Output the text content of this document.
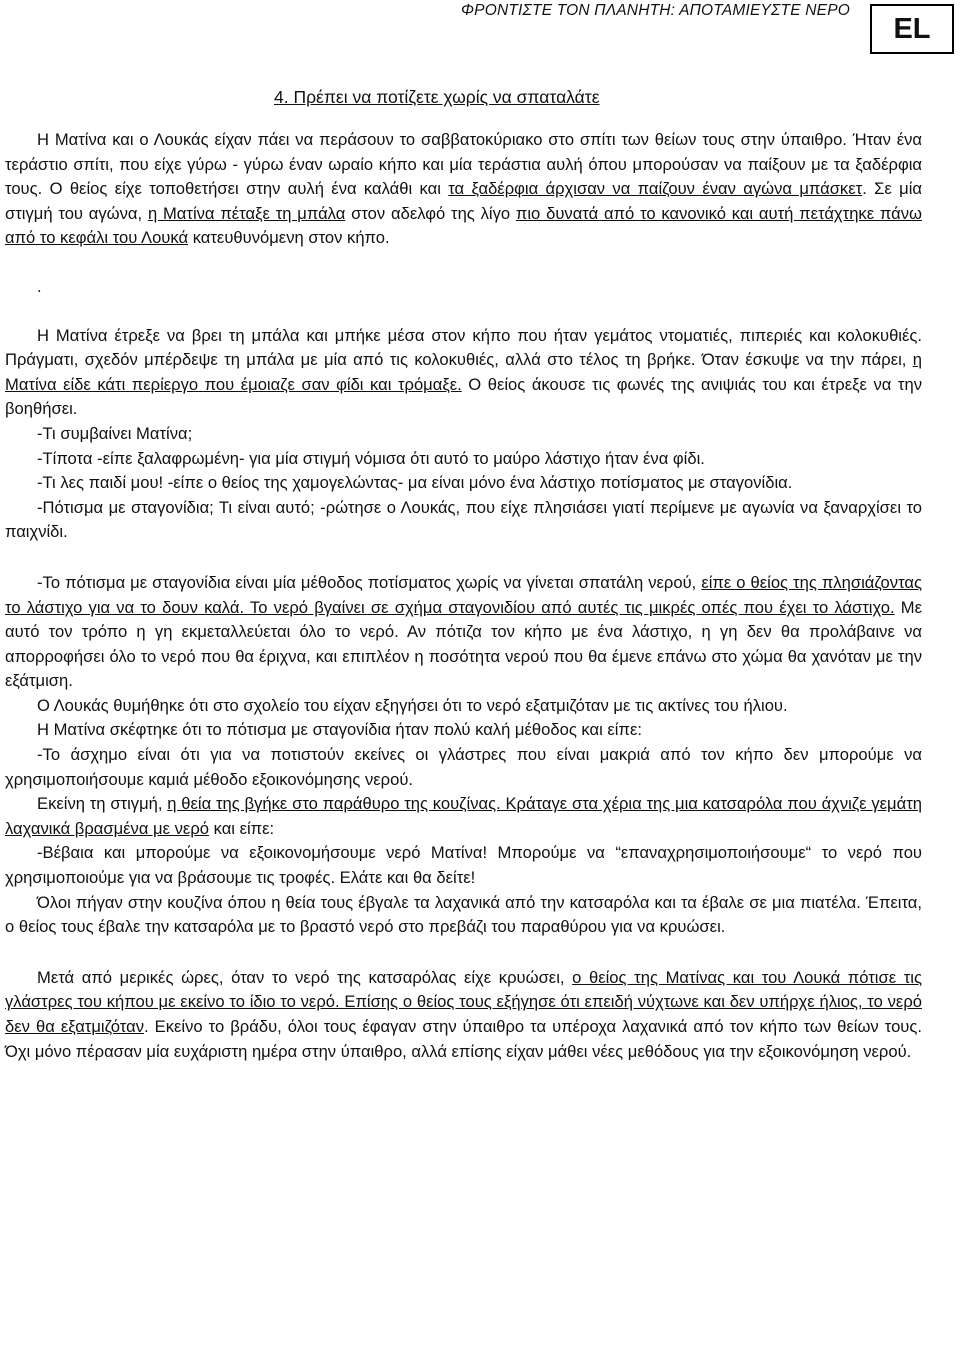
ΦΡΟΝΤΙΣΤΕ ΤΟΝ ΠΛΑΝΗΤΗ: ΑΠΟΤΑΜΙΕΥΣΤΕ ΝΕΡΟ
EL
4. Πρέπει να ποτίζετε χωρίς να σπαταλάτε

Η Ματίνα και ο Λουκάς είχαν πάει να περάσουν το σαββατοκύριακο στο σπίτι των θείων τους στην ύπαιθρο. Ήταν ένα τεράστιο σπίτι, που είχε γύρω - γύρω έναν ωραίο κήπο και μία τεράστια αυλή όπου μπορούσαν να παίξουν με τα ξαδέρφια τους. Ο θείος είχε τοποθετήσει στην αυλή ένα καλάθι και τα ξαδέρφια άρχισαν να παίζουν έναν αγώνα μπάσκετ. Σε μία στιγμή του αγώνα, η Ματίνα πέταξε τη μπάλα στον αδελφό της λίγο πιο δυνατά από το κανονικό και αυτή πετάχτηκε πάνω από το κεφάλι του Λουκά κατευθυνόμενη στον κήπο.

.

Η Ματίνα έτρεξε να βρει τη μπάλα και μπήκε μέσα στον κήπο που ήταν γεμάτος ντοματιές, πιπεριές και κολοκυθιές. Πράγματι, σχεδόν μπέρδεψε τη μπάλα με μία από τις κολοκυθιές, αλλά στο τέλος τη βρήκε. Όταν έσκυψε να την πάρει, η Ματίνα είδε κάτι περίεργο που έμοιαζε σαν φίδι και τρόμαξε. Ο θείος άκουσε τις φωνές της ανιψιάς του και έτρεξε να την βοηθήσει.

-Τι συμβαίνει Ματίνα;

-Τίποτα -είπε ξαλαφρωμένη- για μία στιγμή νόμισα ότι αυτό το μαύρο λάστιχο ήταν ένα φίδι.

-Τι λες παιδί μου! -είπε ο θείος της χαμογελώντας- μα είναι μόνο ένα λάστιχο ποτίσματος με σταγονίδια.

-Πότισμα με σταγονίδια; Τι είναι αυτό; -ρώτησε ο Λουκάς, που είχε πλησιάσει γιατί περίμενε με αγωνία να ξαναρχίσει το παιχνίδι.

-Το πότισμα με σταγονίδια είναι μία μέθοδος ποτίσματος χωρίς να γίνεται σπατάλη νερού, είπε ο θείος της πλησιάζοντας το λάστιχο για να το δουν καλά. Το νερό βγαίνει σε σχήμα σταγονιδίου από αυτές τις μικρές οπές που έχει το λάστιχο. Με αυτό τον τρόπο η γη εκμεταλλεύεται όλο το νερό. Αν πότιζα τον κήπο με ένα λάστιχο, η γη δεν θα προλάβαινε να απορροφήσει όλο το νερό που θα έριχνα, και επιπλέον η ποσότητα νερού που θα έμενε επάνω στο χώμα θα χανόταν με την εξάτμιση.

Ο Λουκάς θυμήθηκε ότι στο σχολείο του είχαν εξηγήσει ότι το νερό εξατμιζόταν με τις ακτίνες του ήλιου.

Η Ματίνα σκέφτηκε ότι το πότισμα με σταγονίδια ήταν πολύ καλή μέθοδος και είπε:

-Το άσχημο είναι ότι για να ποτιστούν εκείνες οι γλάστρες που είναι μακριά από τον κήπο δεν μπορούμε να χρησιμοποιήσουμε καμιά μέθοδο εξοικονόμησης νερού.

Εκείνη τη στιγμή, η θεία της βγήκε στο παράθυρο της κουζίνας. Κράταγε στα χέρια της μια κατσαρόλα που άχνιζε γεμάτη λαχανικά βρασμένα με νερό και είπε:

-Βέβαια και μπορούμε να εξοικονομήσουμε νερό Ματίνα! Μπορούμε να “επαναχρησιμοποιήσουμε“ το νερό που χρησιμοποιούμε για να βράσουμε τις τροφές. Ελάτε και θα δείτε!

Όλοι πήγαν στην κουζίνα όπου η θεία τους έβγαλε τα λαχανικά από την κατσαρόλα και τα έβαλε σε μια πιατέλα. Έπειτα, ο θείος τους έβαλε την κατσαρόλα με το βραστό νερό στο πρεβάζι του παραθύρου για να κρυώσει.

Μετά από μερικές ώρες, όταν το νερό της κατσαρόλας είχε κρυώσει, ο θείος της Ματίνας και του Λουκά πότισε τις γλάστρες του κήπου με εκείνο το ίδιο το νερό. Επίσης ο θείος τους εξήγησε ότι επειδή νύχτωνε και δεν υπήρχε ήλιος, το νερό δεν θα εξατμιζόταν. Εκείνο το βράδυ, όλοι τους έφαγαν στην ύπαιθρο τα υπέροχα λαχανικά από τον κήπο των θείων τους. Όχι μόνο πέρασαν μία ευχάριστη ημέρα στην ύπαιθρο, αλλά επίσης είχαν μάθει νέες μεθόδους για την εξοικονόμηση νερού.
